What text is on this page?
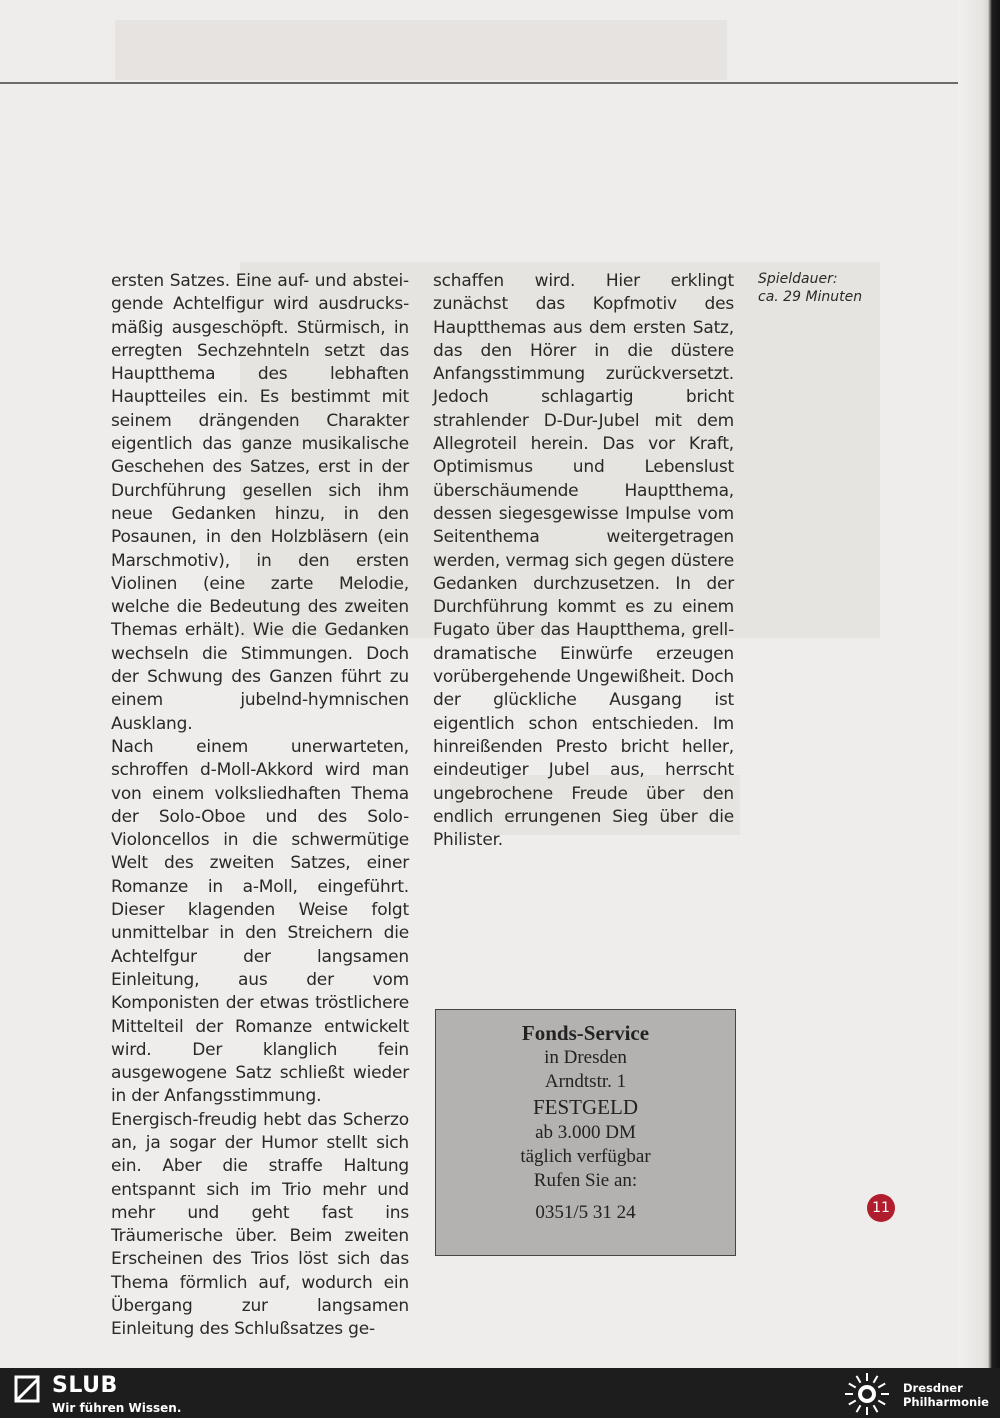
ersten Satzes. Eine auf- und abstei-gende Achtelfigur wird ausdrucks-mäßig ausgeschöpft. Stürmisch, in erregten Sechzehnteln setzt das Hauptthema des lebhaften Hauptteiles ein. Es bestimmt mit seinem drängenden Charakter eigentlich das ganze musikalische Geschehen des Satzes, erst in der Durchführung gesellen sich ihm neue Gedanken hinzu, in den Posaunen, in den Holzbläsern (ein Marschmotiv), in den ersten Violinen (eine zarte Melodie, welche die Bedeutung des zweiten Themas erhält). Wie die Gedanken wechseln die Stimmungen. Doch der Schwung des Ganzen führt zu einem jubelnd-hymnischen Ausklang.

Nach einem unerwarteten, schroffen d-Moll-Akkord wird man von einem volksliedhaften Thema der Solo-Oboe und des Solo-Violoncellos in die schwermütige Welt des zweiten Satzes, einer Romanze in a-Moll, eingeführt. Dieser klagenden Weise folgt unmittelbar in den Streichern die Achtelfgur der langsamen Einleitung, aus der vom Komponisten der etwas tröstlichere Mittelteil der Romanze entwickelt wird. Der klanglich fein ausgewogene Satz schließt wieder in der Anfangsstimmung.

Energisch-freudig hebt das Scherzo an, ja sogar der Humor stellt sich ein. Aber die straffe Haltung entspannt sich im Trio mehr und mehr und geht fast ins Träumerische über. Beim zweiten Erscheinen des Trios löst sich das Thema förmlich auf, wodurch ein Übergang zur langsamen Einleitung des Schlußsatzes ge-

schaffen wird. Hier erklingt zunächst das Kopfmotiv des Hauptthemas aus dem ersten Satz, das den Hörer in die düstere Anfangsstimmung zurückversetzt. Jedoch schlagartig bricht strahlender D-Dur-Jubel mit dem Allegroteil herein. Das vor Kraft, Optimismus und Lebenslust überschäumende Hauptthema, dessen siegesgewisse Impulse vom Seitenthema weitergetragen werden, vermag sich gegen düstere Gedanken durchzusetzen. In der Durchführung kommt es zu einem Fugato über das Hauptthema, grell-dramatische Einwürfe erzeugen vorübergehende Ungewißheit. Doch der glückliche Ausgang ist eigentlich schon entschieden. Im hinreißenden Presto bricht heller, eindeutiger Jubel aus, herrscht ungebrochene Freude über den endlich errungenen Sieg über die Philister.

Spieldauer:
ca. 29 Minuten
Fonds-Service
in Dresden
Arndtstr. 1
FESTGELD
ab 3.000 DM
täglich verfügbar
Rufen Sie an:
0351/5 31 24	11
SLUB
Wir führen Wissen.
Dresdner
Philharmonie
